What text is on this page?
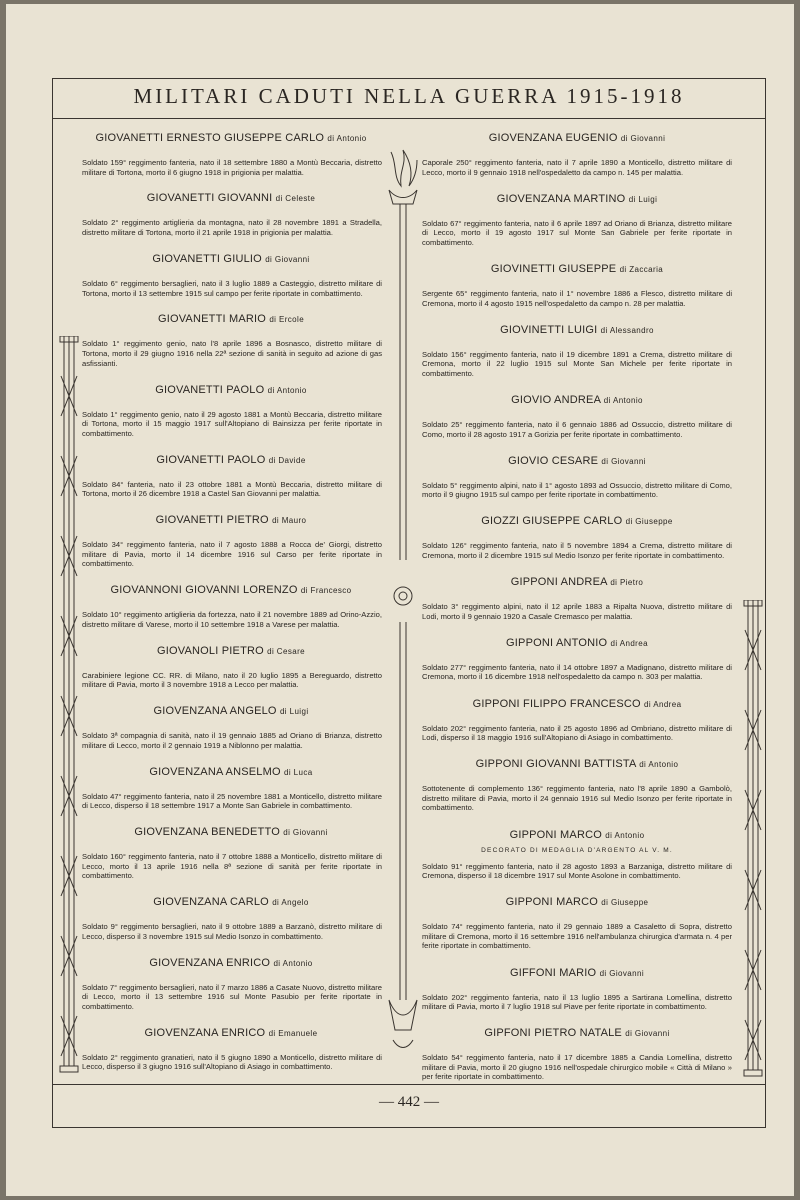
MILITARI CADUTI NELLA GUERRA 1915-1918
GIOVANETTI ERNESTO GIUSEPPE CARLO di Antonio
Soldato 159° reggimento fanteria, nato il 18 settembre 1880 a Montù Beccaria, distretto militare di Tortona, morto il 6 giugno 1918 in prigionia per malattia.
GIOVANETTI GIOVANNI di Celeste
Soldato 2° reggimento artiglieria da montagna, nato il 28 novembre 1891 a Stradella, distretto militare di Tortona, morto il 21 aprile 1918 in prigionia per malattia.
GIOVANETTI GIULIO di Giovanni
Soldato 6° reggimento bersaglieri, nato il 3 luglio 1889 a Casteggio, distretto militare di Tortona, morto il 13 settembre 1915 sul campo per ferite riportate in combattimento.
GIOVANETTI MARIO di Ercole
Soldato 1° reggimento genio, nato l'8 aprile 1896 a Bosnasco, distretto militare di Tortona, morto il 29 giugno 1916 nella 22ª sezione di sanità in seguito ad azione di gas asfissianti.
GIOVANETTI PAOLO di Antonio
Soldato 1° reggimento genio, nato il 29 agosto 1881 a Montù Beccaria, distretto militare di Tortona, morto il 15 maggio 1917 sull'Altopiano di Bainsizza per ferite riportate in combattimento.
GIOVANETTI PAOLO di Davide
Soldato 84° fanteria, nato il 23 ottobre 1881 a Montù Beccaria, distretto militare di Tortona, morto il 26 dicembre 1918 a Castel San Giovanni per malattia.
GIOVANETTI PIETRO di Mauro
Soldato 34° reggimento fanteria, nato il 7 agosto 1888 a Rocca de' Giorgi, distretto militare di Pavia, morto il 14 dicembre 1916 sul Carso per ferite riportate in combattimento.
GIOVANNONI GIOVANNI LORENZO di Francesco
Soldato 10° reggimento artiglieria da fortezza, nato il 21 novembre 1889 ad Orino-Azzio, distretto militare di Varese, morto il 10 settembre 1918 a Varese per malattia.
GIOVANOLI PIETRO di Cesare
Carabiniere legione CC. RR. di Milano, nato il 20 luglio 1895 a Bereguardo, distretto militare di Pavia, morto il 3 novembre 1918 a Lecco per malattia.
GIOVENZANA ANGELO di Luigi
Soldato 3ª compagnia di sanità, nato il 19 gennaio 1885 ad Oriano di Brianza, distretto militare di Lecco, morto il 2 gennaio 1919 a Niblonno per malattia.
GIOVENZANA ANSELMO di Luca
Soldato 47° reggimento fanteria, nato il 25 novembre 1881 a Monticello, distretto militare di Lecco, disperso il 18 settembre 1917 a Monte San Gabriele in combattimento.
GIOVENZANA BENEDETTO di Giovanni
Soldato 160° reggimento fanteria, nato il 7 ottobre 1888 a Monticello, distretto militare di Lecco, morto il 13 aprile 1916 nella 8ª sezione di sanità per ferite riportate in combattimento.
GIOVENZANA CARLO di Angelo
Soldato 9° reggimento bersaglieri, nato il 9 ottobre 1889 a Barzanò, distretto militare di Lecco, disperso il 3 novembre 1915 sul Medio Isonzo in combattimento.
GIOVENZANA ENRICO di Antonio
Soldato 7° reggimento bersaglieri, nato il 7 marzo 1886 a Casate Nuovo, distretto militare di Lecco, morto il 13 settembre 1916 sul Monte Pasubio per ferite riportate in combattimento.
GIOVENZANA ENRICO di Emanuele
Soldato 2° reggimento granatieri, nato il 5 giugno 1890 a Monticello, distretto militare di Lecco, disperso il 3 giugno 1916 sull'Altopiano di Asiago in combattimento.
GIOVENZANA EUGENIO di Giovanni
Caporale 250° reggimento fanteria, nato il 7 aprile 1890 a Monticello, distretto militare di Lecco, morto il 9 gennaio 1918 nell'ospedaletto da campo n. 145 per malattia.
GIOVENZANA MARTINO di Luigi
Soldato 67° reggimento fanteria, nato il 6 aprile 1897 ad Oriano di Brianza, distretto militare di Lecco, morto il 19 agosto 1917 sul Monte San Gabriele per ferite riportate in combattimento.
GIOVINETTI GIUSEPPE di Zaccaria
Sergente 65° reggimento fanteria, nato il 1° novembre 1886 a Flesco, distretto militare di Cremona, morto il 4 agosto 1915 nell'ospedaletto da campo n. 28 per malattia.
GIOVINETTI LUIGI di Alessandro
Soldato 156° reggimento fanteria, nato il 19 dicembre 1891 a Crema, distretto militare di Cremona, morto il 22 luglio 1915 sul Monte San Michele per ferite riportate in combattimento.
GIOVIO ANDREA di Antonio
Soldato 25° reggimento fanteria, nato il 6 gennaio 1886 ad Ossuccio, distretto militare di Como, morto il 28 agosto 1917 a Gorizia per ferite riportate in combattimento.
GIOVIO CESARE di Giovanni
Soldato 5° reggimento alpini, nato il 1° agosto 1893 ad Ossuccio, distretto militare di Como, morto il 9 giugno 1915 sul campo per ferite riportate in combattimento.
GIOZZI GIUSEPPE CARLO di Giuseppe
Soldato 126° reggimento fanteria, nato il 5 novembre 1894 a Crema, distretto militare di Cremona, morto il 2 dicembre 1915 sul Medio Isonzo per ferite riportate in combattimento.
GIPPONI ANDREA di Pietro
Soldato 3° reggimento alpini, nato il 12 aprile 1883 a Ripalta Nuova, distretto militare di Lodi, morto il 9 gennaio 1920 a Casale Cremasco per malattia.
GIPPONI ANTONIO di Andrea
Soldato 277° reggimento fanteria, nato il 14 ottobre 1897 a Madignano, distretto militare di Cremona, morto il 16 dicembre 1918 nell'ospedaletto da campo n. 303 per malattia.
GIPPONI FILIPPO FRANCESCO di Andrea
Soldato 202° reggimento fanteria, nato il 25 agosto 1896 ad Ombriano, distretto militare di Lodi, disperso il 18 maggio 1916 sull'Altopiano di Asiago in combattimento.
GIPPONI GIOVANNI BATTISTA di Antonio
Sottotenente di complemento 136° reggimento fanteria, nato l'8 aprile 1890 a Gambolò, distretto militare di Pavia, morto il 24 gennaio 1916 sul Medio Isonzo per ferite riportate in combattimento.
GIPPONI MARCO di Antonio
DECORATO DI MEDAGLIA D'ARGENTO AL V. M.
Soldato 91° reggimento fanteria, nato il 28 agosto 1893 a Barzaniga, distretto militare di Cremona, disperso il 18 dicembre 1917 sul Monte Asolone in combattimento.
GIPPONI MARCO di Giuseppe
Soldato 74° reggimento fanteria, nato il 29 gennaio 1889 a Casaletto di Sopra, distretto militare di Cremona, morto il 16 settembre 1916 nell'ambulanza chirurgica d'armata n. 4 per ferite riportate in combattimento.
GIFFONI MARIO di Giovanni
Soldato 202° reggimento fanteria, nato il 13 luglio 1895 a Sartirana Lomellina, distretto militare di Pavia, morto il 7 luglio 1918 sul Piave per ferite riportate in combattimento.
GIPFONI PIETRO NATALE di Giovanni
Soldato 54° reggimento fanteria, nato il 17 dicembre 1885 a Candia Lomellina, distretto militare di Pavia, morto il 20 giugno 1916 nell'ospedale chirurgico mobile « Città di Milano » per ferite riportate in combattimento.
— 442 —
